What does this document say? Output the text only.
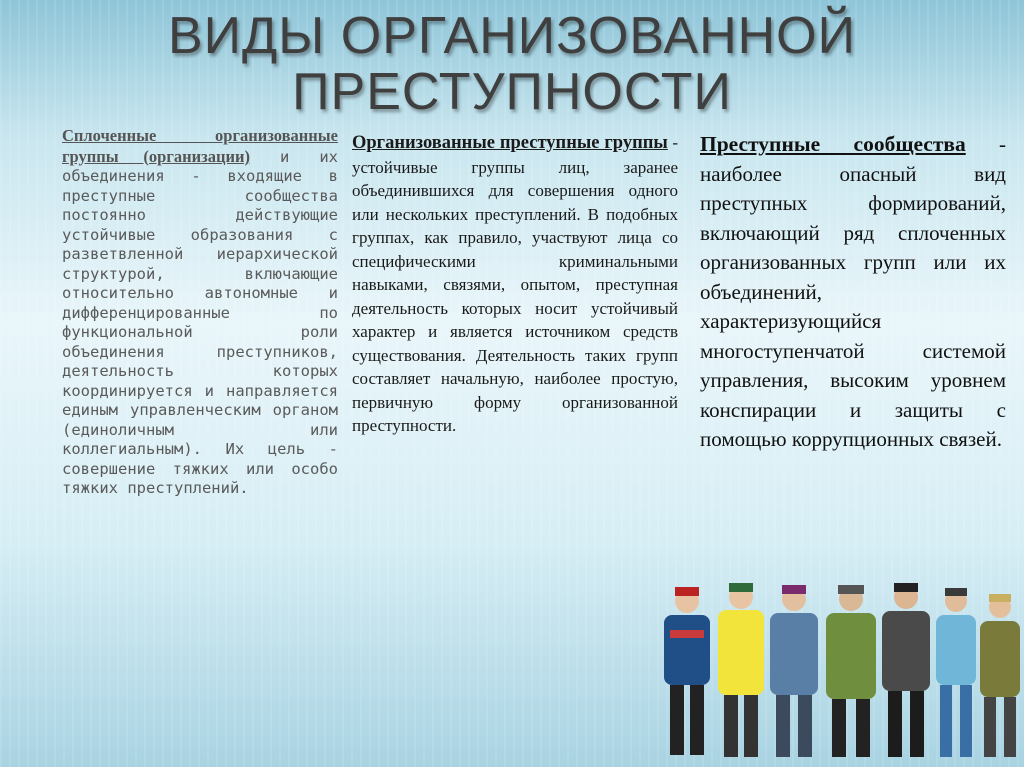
ВИДЫ ОРГАНИЗОВАННОЙ
ПРЕСТУПНОСТИ
Сплоченные организованные группы (организации) и их объединения - входящие в преступные сообщества постоянно действующие устойчивые образования с разветвленной иерархической структурой, включающие относительно автономные и дифференцированные по функциональной роли объединения преступников, деятельность которых координируется и направляется единым управленческим органом (единоличным или коллегиальным). Их цель - совершение тяжких или особо тяжких преступлений.
Организованные преступные группы - устойчивые группы лиц, заранее объединившихся для совершения одного или нескольких преступлений. В подобных группах, как правило, участвуют лица со специфическими криминальными навыками, связями, опытом, преступная деятельность которых носит устойчивый характер и является источником средств существования. Деятельность таких групп составляет начальную, наиболее простую, первичную форму организованной преступности.
Преступные сообщества - наиболее опасный вид преступных формирований, включающий ряд сплоченных организованных групп или их объединений, характеризующийся многоступенчатой системой управления, высоким уровнем конспирации и защиты с помощью коррупционных связей.
